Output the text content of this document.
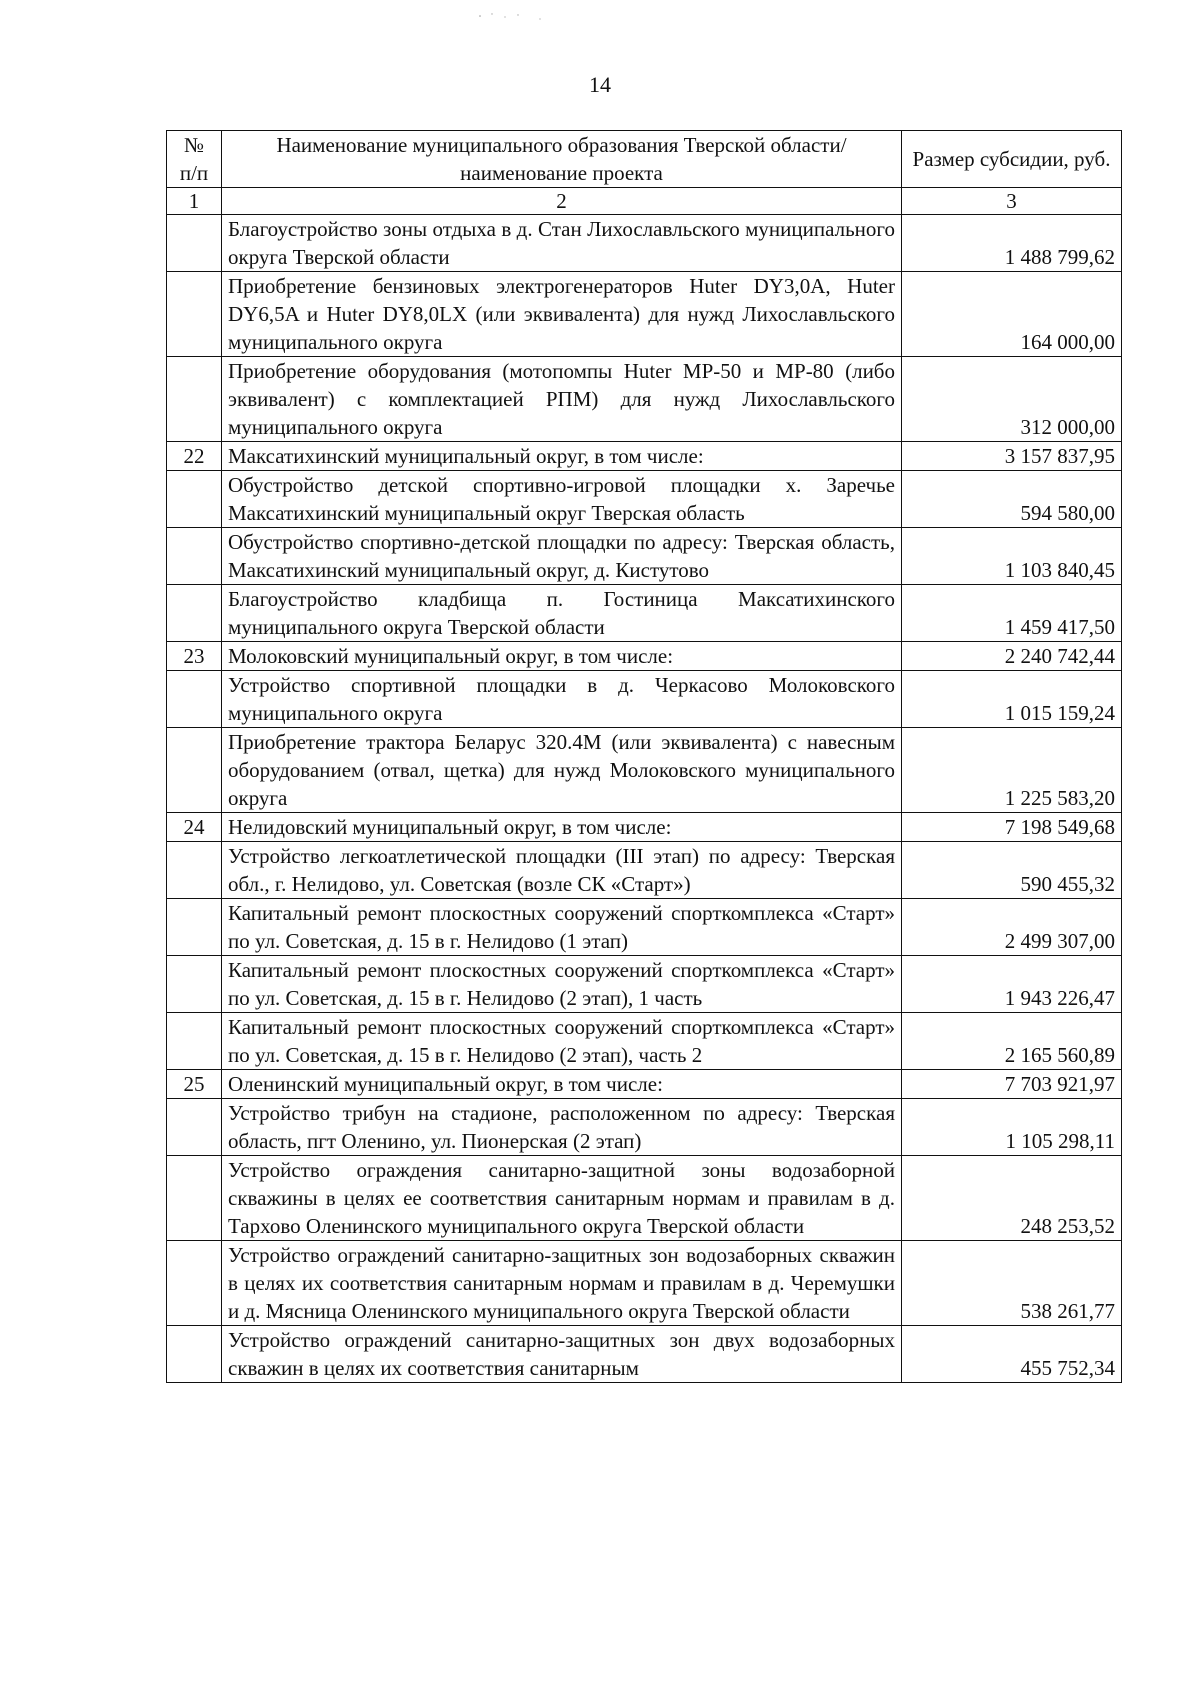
14
№ п/п	Наименование муниципального образования Тверской области/наименование проекта	Размер субсидии, руб.
1	2	3
	Благоустройство зоны отдыха в д. Стан Лихославльского муниципального округа Тверской области	1 488 799,62
	Приобретение бензиновых электрогенераторов Huter DY3,0A, Huter DY6,5A и Huter DY8,0LX (или эквивалента) для нужд Лихославльского муниципального округа	164 000,00
	Приобретение оборудования (мотопомпы Huter MP-50 и MP-80 (либо эквивалент) с комплектацией РПМ) для нужд Лихославльского муниципального округа	312 000,00
22	Максатихинский муниципальный округ, в том числе:	3 157 837,95
	Обустройство детской спортивно-игровой площадки х. Заречье Максатихинский муниципальный округ Тверская область	594 580,00
	Обустройство спортивно-детской площадки по адресу: Тверская область, Максатихинский муниципальный округ, д. Кистутово	1 103 840,45
	Благоустройство кладбища п. Гостиница Максатихинского муниципального округа Тверской области	1 459 417,50
23	Молоковский муниципальный округ, в том числе:	2 240 742,44
	Устройство спортивной площадки в д. Черкасово Молоковского муниципального округа	1 015 159,24
	Приобретение трактора Беларус 320.4М (или эквивалента) с навесным оборудованием (отвал, щетка) для нужд Молоковского муниципального округа	1 225 583,20
24	Нелидовский муниципальный округ, в том числе:	7 198 549,68
	Устройство легкоатлетической площадки (III этап) по адресу: Тверская обл., г. Нелидово, ул. Советская (возле СК «Старт»)	590 455,32
	Капитальный ремонт плоскостных сооружений спорткомплекса «Старт» по ул. Советская, д. 15 в г. Нелидово (1 этап)	2 499 307,00
	Капитальный ремонт плоскостных сооружений спорткомплекса «Старт» по ул. Советская, д. 15 в г. Нелидово (2 этап), 1 часть	1 943 226,47
	Капитальный ремонт плоскостных сооружений спорткомплекса «Старт» по ул. Советская, д. 15 в г. Нелидово (2 этап), часть 2	2 165 560,89
25	Оленинский муниципальный округ, в том числе:	7 703 921,97
	Устройство трибун на стадионе, расположенном по адресу: Тверская область, пгт Оленино, ул. Пионерская (2 этап)	1 105 298,11
	Устройство ограждения санитарно-защитной зоны водозаборной скважины в целях ее соответствия санитарным нормам и правилам в д. Тархово Оленинского муниципального округа Тверской области	248 253,52
	Устройство ограждений санитарно-защитных зон водозаборных скважин в целях их соответствия санитарным нормам и правилам в д. Черемушки и д. Мясница Оленинского муниципального округа Тверской области	538 261,77
	Устройство ограждений санитарно-защитных зон двух водозаборных скважин в целях их соответствия санитарным	455 752,34
